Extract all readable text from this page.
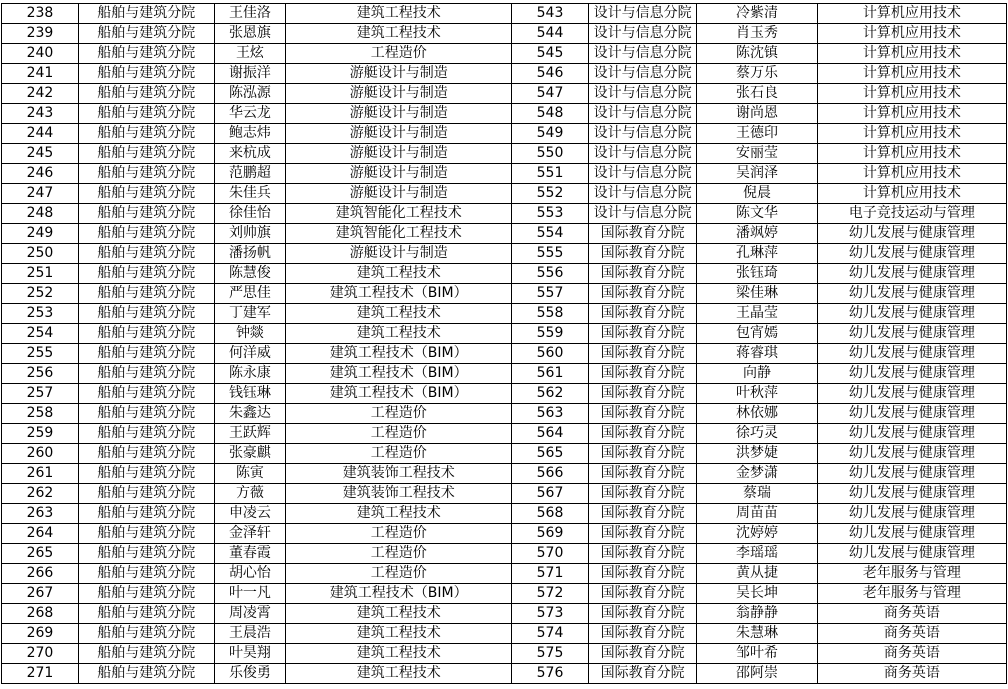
238	船舶与建筑分院	王佳洛	建筑工程技术	543	设计与信息分院	冷紫清	计算机应用技术
239	船舶与建筑分院	张恩旗	建筑工程技术	544	设计与信息分院	肖玉秀	计算机应用技术
240	船舶与建筑分院	王炫	工程造价	545	设计与信息分院	陈沈镇	计算机应用技术
241	船舶与建筑分院	谢振洋	游艇设计与制造	546	设计与信息分院	蔡万乐	计算机应用技术
242	船舶与建筑分院	陈泓源	游艇设计与制造	547	设计与信息分院	张石良	计算机应用技术
243	船舶与建筑分院	华云龙	游艇设计与制造	548	设计与信息分院	谢尚恩	计算机应用技术
244	船舶与建筑分院	鲍志炜	游艇设计与制造	549	设计与信息分院	王德印	计算机应用技术
245	船舶与建筑分院	来杭成	游艇设计与制造	550	设计与信息分院	安丽莹	计算机应用技术
246	船舶与建筑分院	范鹏超	游艇设计与制造	551	设计与信息分院	吴润泽	计算机应用技术
247	船舶与建筑分院	朱佳兵	游艇设计与制造	552	设计与信息分院	倪晨	计算机应用技术
248	船舶与建筑分院	徐佳怡	建筑智能化工程技术	553	设计与信息分院	陈文华	电子竞技运动与管理
249	船舶与建筑分院	刘帅旗	建筑智能化工程技术	554	国际教育分院	潘飒婷	幼儿发展与健康管理
250	船舶与建筑分院	潘扬帆	游艇设计与制造	555	国际教育分院	孔琳萍	幼儿发展与健康管理
251	船舶与建筑分院	陈慧俊	建筑工程技术	556	国际教育分院	张钰琦	幼儿发展与健康管理
252	船舶与建筑分院	严思佳	建筑工程技术（BIM）	557	国际教育分院	梁佳琳	幼儿发展与健康管理
253	船舶与建筑分院	丁建军	建筑工程技术	558	国际教育分院	王晶莹	幼儿发展与健康管理
254	船舶与建筑分院	钟燚	建筑工程技术	559	国际教育分院	包宵嫣	幼儿发展与健康管理
255	船舶与建筑分院	何洋威	建筑工程技术（BIM）	560	国际教育分院	蒋睿琪	幼儿发展与健康管理
256	船舶与建筑分院	陈永康	建筑工程技术（BIM）	561	国际教育分院	向静	幼儿发展与健康管理
257	船舶与建筑分院	钱钰琳	建筑工程技术（BIM）	562	国际教育分院	叶秋萍	幼儿发展与健康管理
258	船舶与建筑分院	朱鑫达	工程造价	563	国际教育分院	林依娜	幼儿发展与健康管理
259	船舶与建筑分院	王跃辉	工程造价	564	国际教育分院	徐巧灵	幼儿发展与健康管理
260	船舶与建筑分院	张豪麒	工程造价	565	国际教育分院	洪梦婕	幼儿发展与健康管理
261	船舶与建筑分院	陈寅	建筑装饰工程技术	566	国际教育分院	金梦潇	幼儿发展与健康管理
262	船舶与建筑分院	方薇	建筑装饰工程技术	567	国际教育分院	蔡瑞	幼儿发展与健康管理
263	船舶与建筑分院	申凌云	建筑工程技术	568	国际教育分院	周苗苗	幼儿发展与健康管理
264	船舶与建筑分院	金泽轩	工程造价	569	国际教育分院	沈婷婷	幼儿发展与健康管理
265	船舶与建筑分院	董春霞	工程造价	570	国际教育分院	李瑶瑶	幼儿发展与健康管理
266	船舶与建筑分院	胡心怡	工程造价	571	国际教育分院	黄从捷	老年服务与管理
267	船舶与建筑分院	叶一凡	建筑工程技术（BIM）	572	国际教育分院	吴长坤	老年服务与管理
268	船舶与建筑分院	周凌霄	建筑工程技术	573	国际教育分院	翁静静	商务英语
269	船舶与建筑分院	王晨浩	建筑工程技术	574	国际教育分院	朱慧琳	商务英语
270	船舶与建筑分院	叶昊翔	建筑工程技术	575	国际教育分院	邹叶希	商务英语
271	船舶与建筑分院	乐俊勇	建筑工程技术	576	国际教育分院	邵阿崇	商务英语
